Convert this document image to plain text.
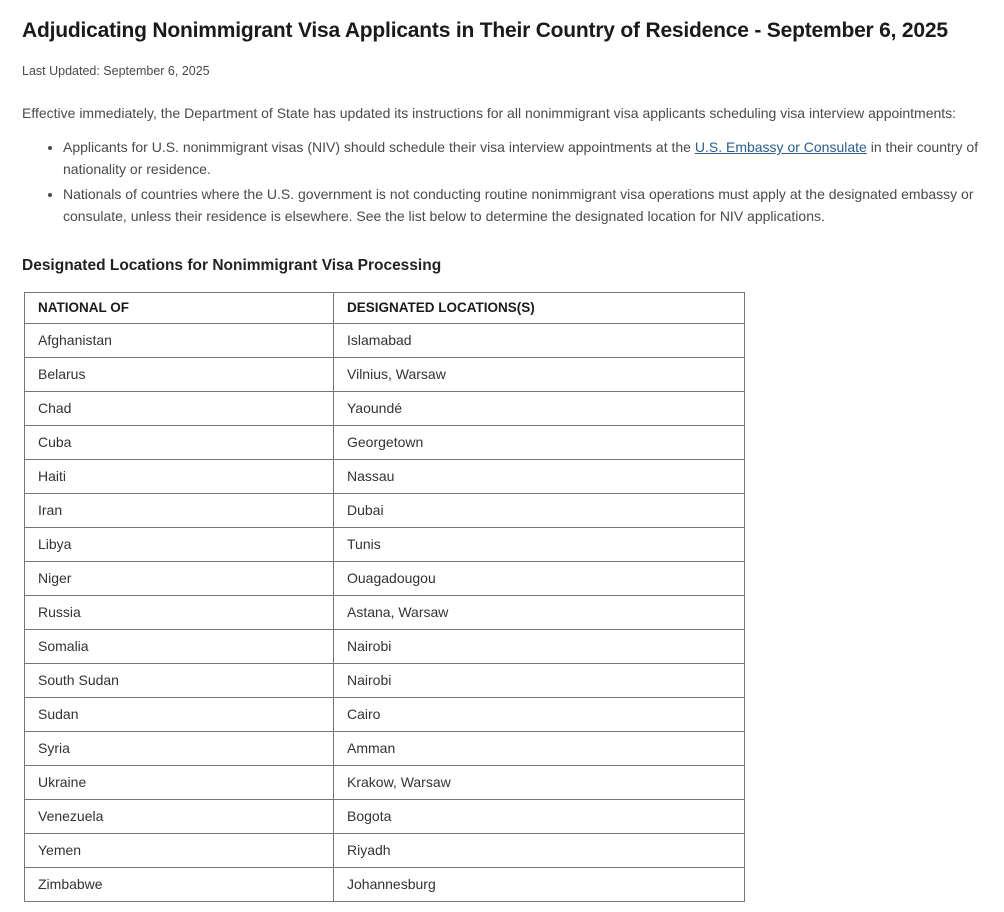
Adjudicating Nonimmigrant Visa Applicants in Their Country of Residence - September 6, 2025

Last Updated: September 6, 2025

Effective immediately, the Department of State has updated its instructions for all nonimmigrant visa applicants scheduling visa interview appointments:

• Applicants for U.S. nonimmigrant visas (NIV) should schedule their visa interview appointments at the U.S. Embassy or Consulate in their country of nationality or residence.
• Nationals of countries where the U.S. government is not conducting routine nonimmigrant visa operations must apply at the designated embassy or consulate, unless their residence is elsewhere. See the list below to determine the designated location for NIV applications.
Designated Locations for Nonimmigrant Visa Processing
NATIONAL OF	DESIGNATED LOCATIONS(S)
Afghanistan	Islamabad
Belarus	Vilnius, Warsaw
Chad	Yaoundé
Cuba	Georgetown
Haiti	Nassau
Iran	Dubai
Libya	Tunis
Niger	Ouagadougou
Russia	Astana, Warsaw
Somalia	Nairobi
South Sudan	Nairobi
Sudan	Cairo
Syria	Amman
Ukraine	Krakow, Warsaw
Venezuela	Bogota
Yemen	Riyadh
Zimbabwe	Johannesburg
